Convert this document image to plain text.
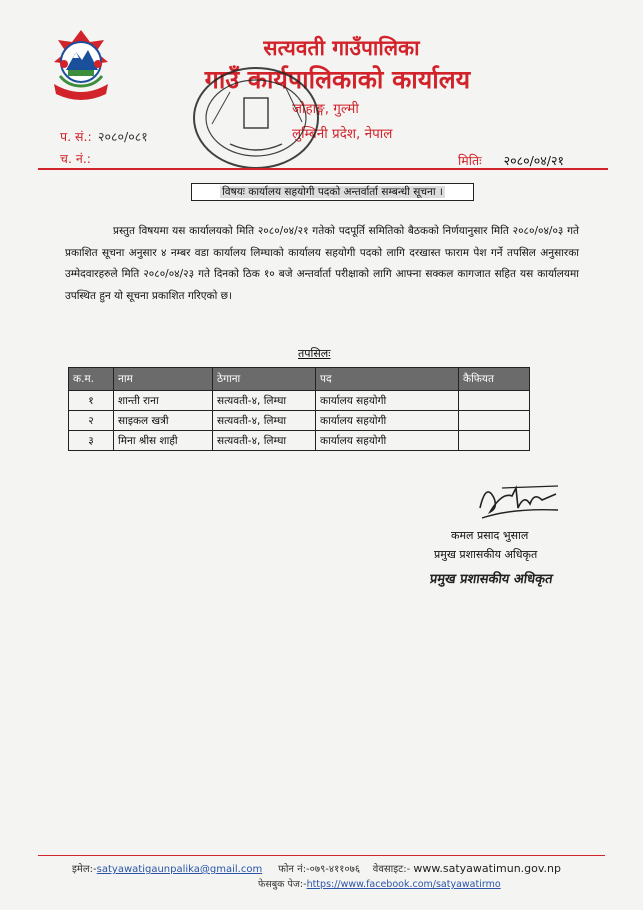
सत्यवती गाउँपालिका
गाउँ कार्यपालिकाको कार्यालय
जोहाङ्ग, गुल्मी
लुम्बिनी प्रदेश, नेपाल
प. सं.: २०८०/०८१
च. नं.:	मितिः २०८०/०४/२१
विषयः कार्यालय सहयोगी पदको अन्तर्वार्ता सम्बन्धी सूचना ।
प्रस्तुत विषयमा यस कार्यालयको मिति २०८०/०४/२१ गतेको पदपूर्ति समितिको बैठकको निर्णयानुसार मिति २०८०/०४/०३ गते प्रकाशित सूचना अनुसार ४ नम्बर वडा कार्यालय लिम्घाको कार्यालय सहयोगी पदको लागि दरखास्त फाराम पेश गर्ने तपसिल अनुसारका उम्मेदवारहरुले मिति २०८०/०४/२३ गते दिनको ठिक १० बजे अन्तर्वार्ता परीक्षाको लागि आफ्ना सक्कल कागजात सहित यस कार्यालयमा उपस्थित हुन यो सूचना प्रकाशित गरिएको छ।
तपसिलः
क.म.	नाम	ठेगाना	पद	कैफियत
१	शान्ती राना	सत्यवती-४, लिम्घा	कार्यालय सहयोगी	
२	साइकल खत्री	सत्यवती-४, लिम्घा	कार्यालय सहयोगी	
३	मिना श्रीस शाही	सत्यवती-४, लिम्घा	कार्यालय सहयोगी	
कमल प्रसाद भुसाल
प्रमुख प्रशासकीय अधिकृत
प्रमुख प्रशासकीय अधिकृत
इमेल:-satyawatigaunpalika@gmail.com फोन नं:-०७९-४११०७६ वेवसाइट:- www.satyawatimun.gov.np
फेसबुक पेज:-https://www.facebook.com/satyawatirmo
